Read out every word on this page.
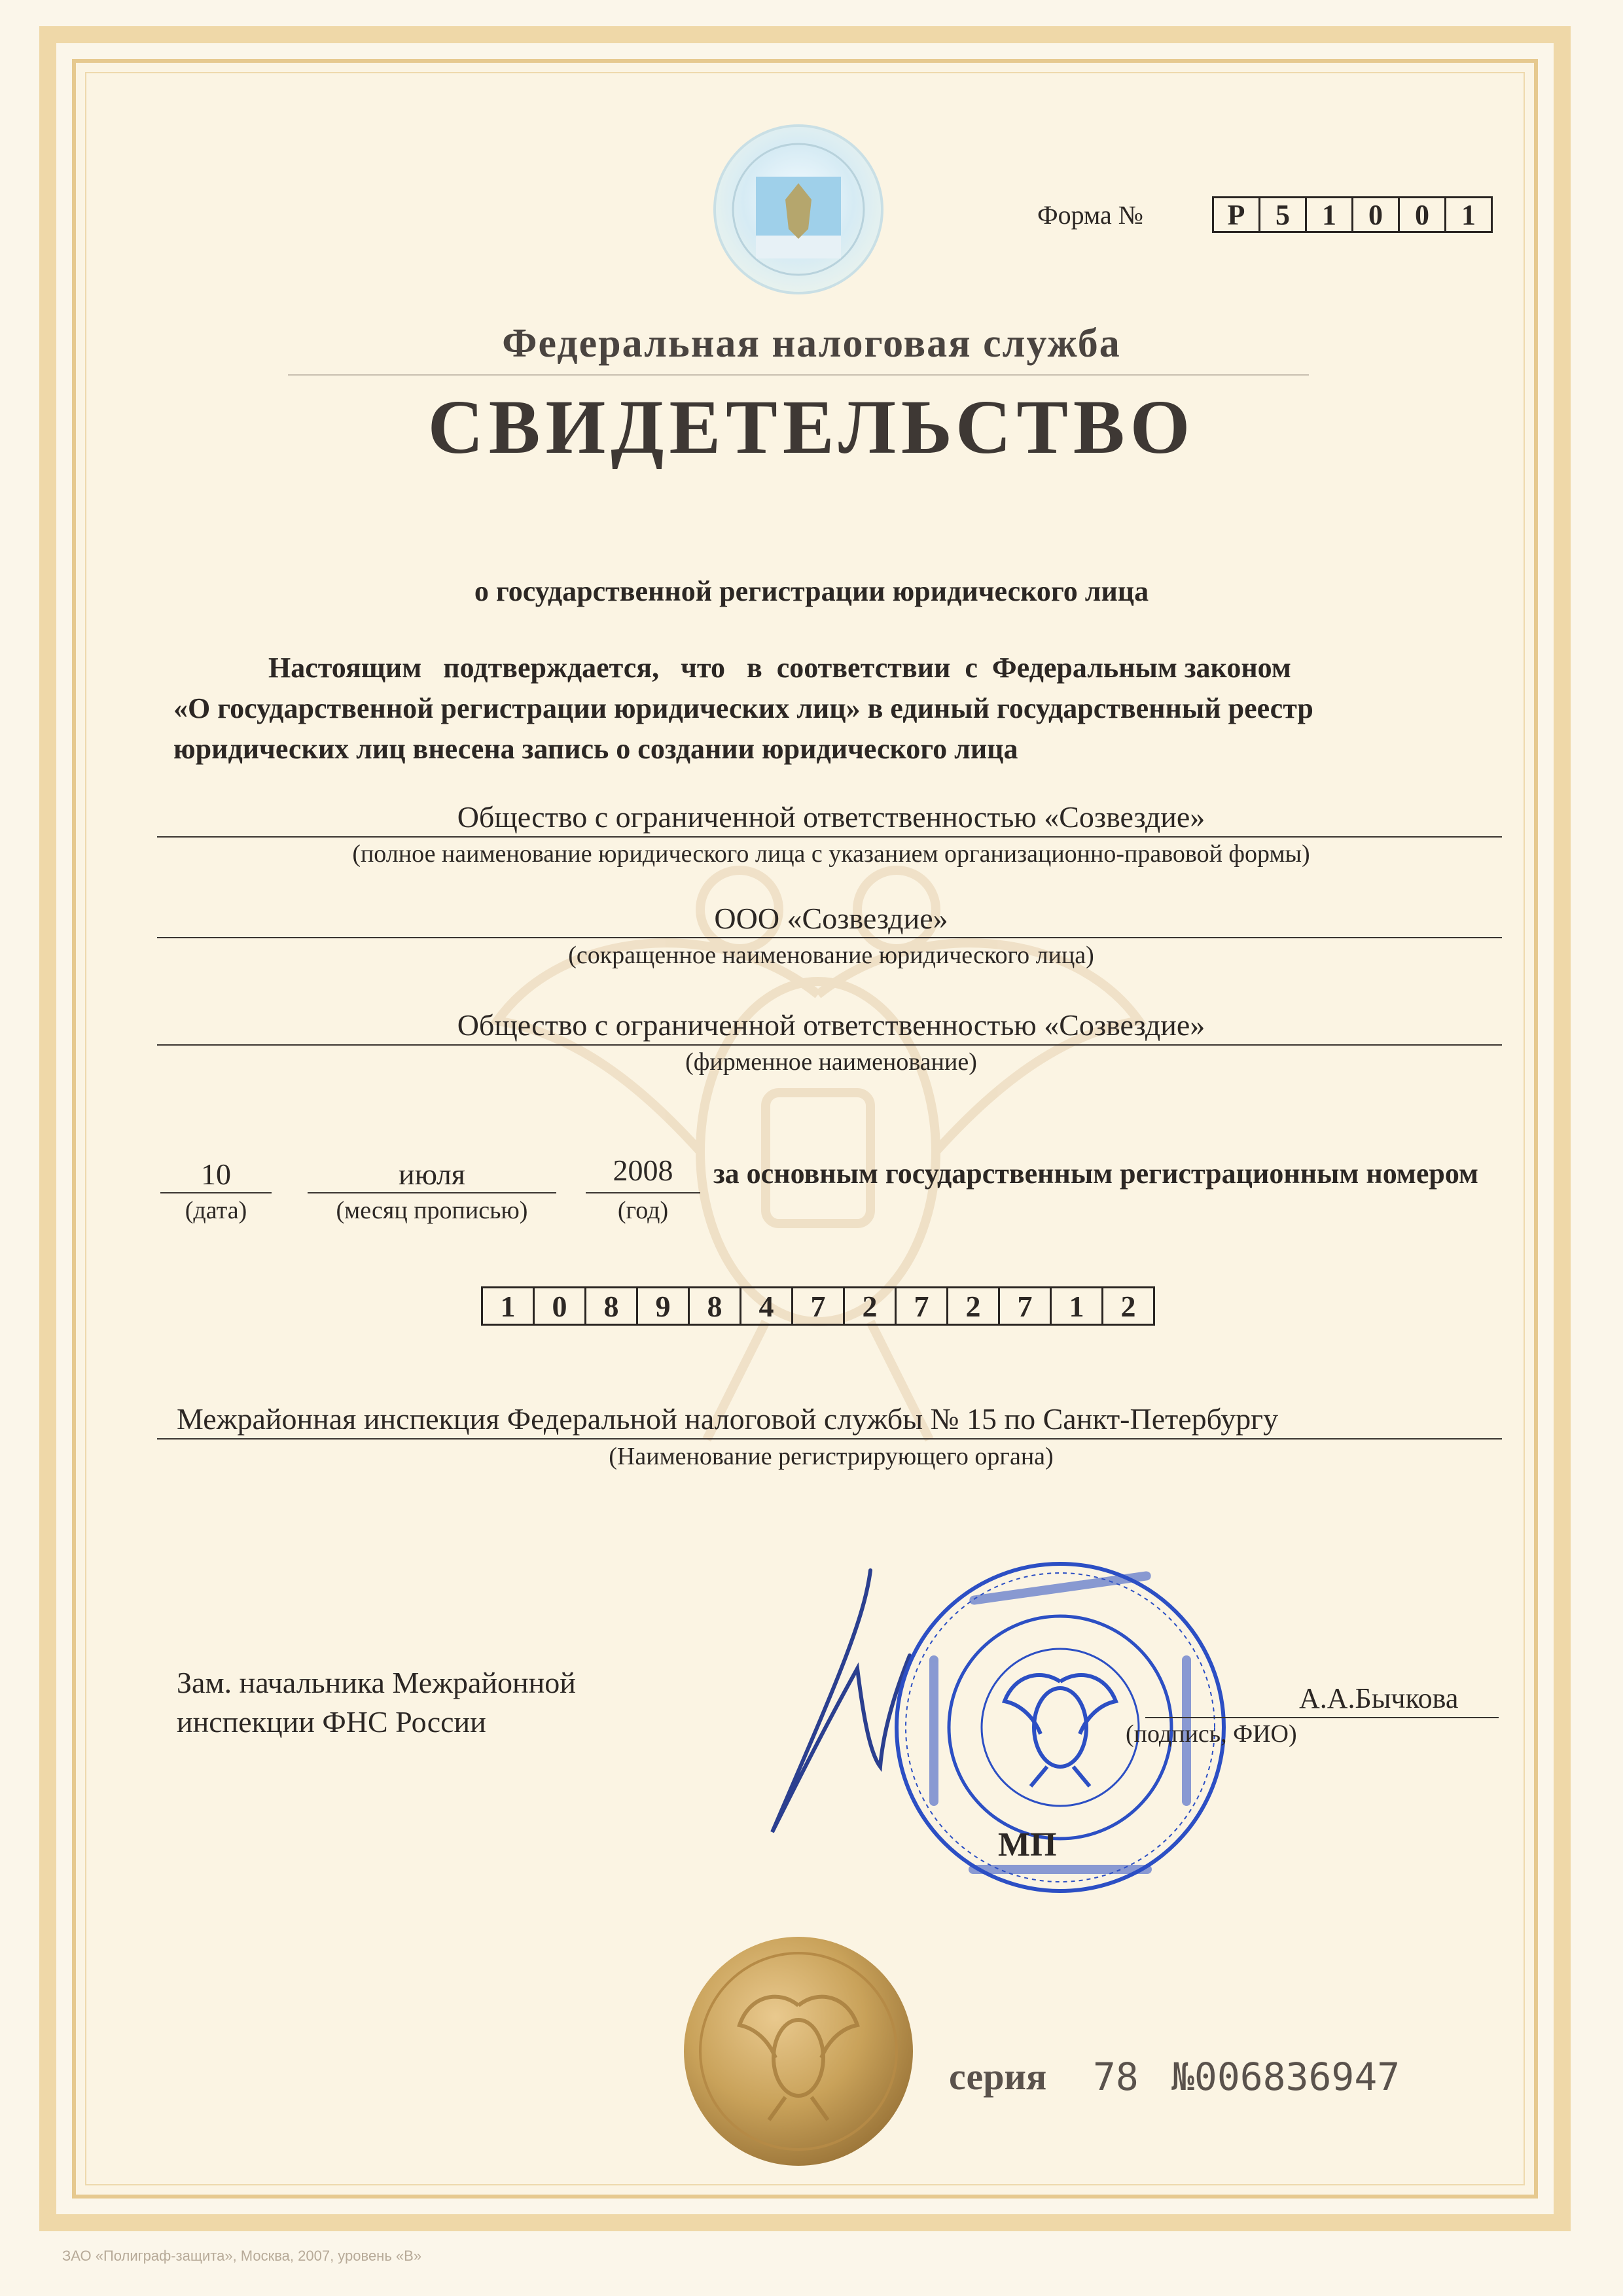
Форма №	Р	5	1	0	0	1
Федеральная налоговая служба
СВИДЕТЕЛЬСТВО
о государственной регистрации юридического лица
Настоящим   подтверждается,   что   в  соответствии  с  Федеральным законом
«О государственной регистрации юридических лиц» в единый государственный реестр
юридических лиц внесена запись о создании юридического лица
Общество с ограниченной ответственностью «Созвездие»
(полное наименование юридического лица с указанием организационно-правовой формы)
ООО «Созвездие»
(сокращенное наименование юридического лица)
Общество с ограниченной ответственностью «Созвездие»
(фирменное наименование)
10
(дата)
июля
(месяц прописью)
2008
(год)
за основным государственным регистрационным номером
1	0	8	9	8	4	7	2	7	2	7	1	2
Межрайонная инспекция Федеральной налоговой службы № 15 по Санкт-Петербургу
(Наименование регистрирующего органа)
Зам. начальника Межрайонной
инспекции ФНС России
МП
А.А.Бычкова
(подпись, ФИО)
серия 78 №006836947
ЗАО «Полиграф-защита», Москва, 2007, уровень «В»
